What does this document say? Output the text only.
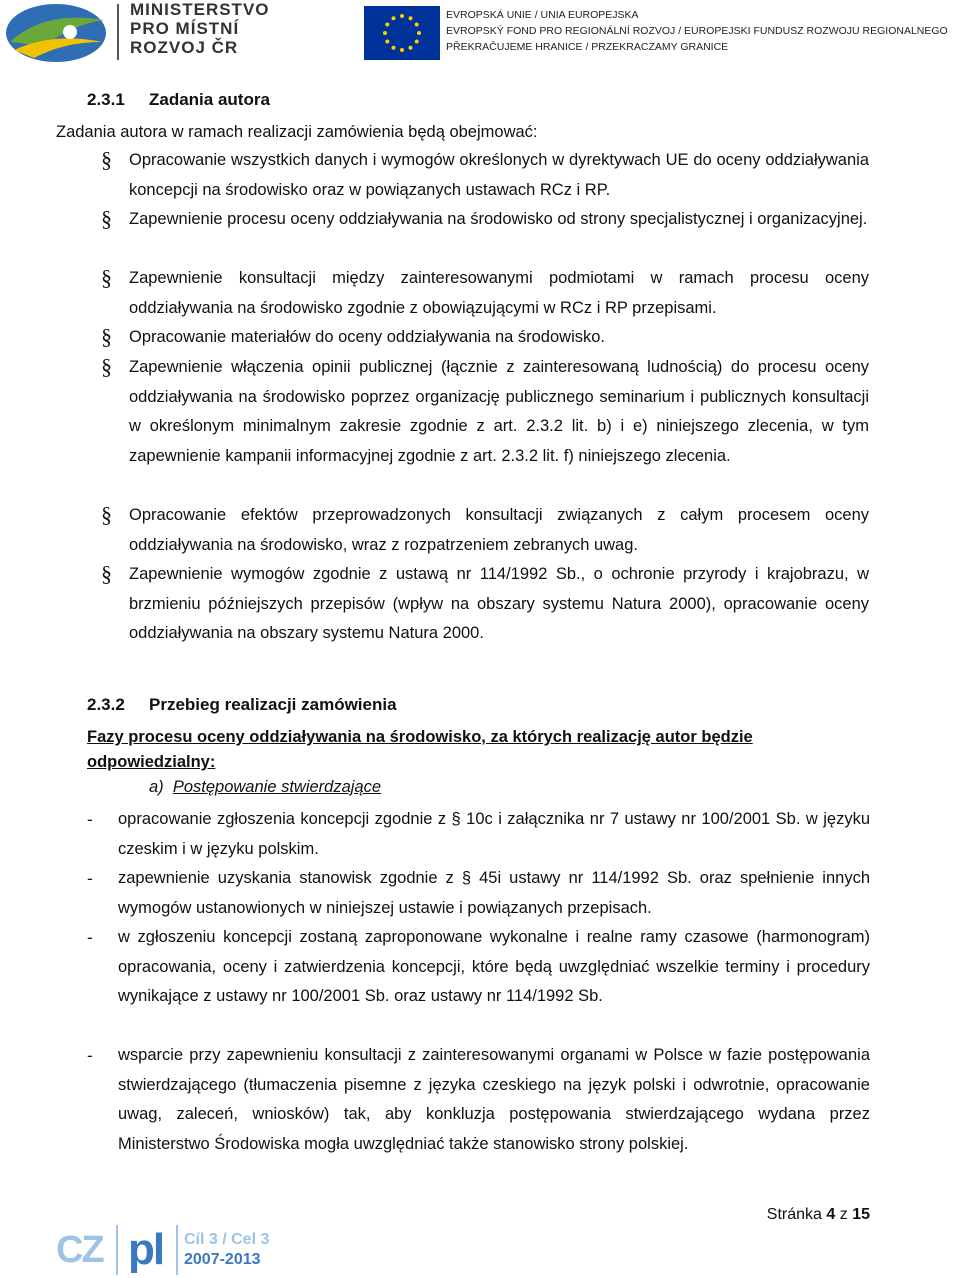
MINISTERSTVO
PRO MÍSTNÍ
ROZVOJ ČR
EVROPSKÁ UNIE / UNIA EUROPEJSKA
EVROPSKÝ FOND PRO REGIONÁLNÍ ROZVOJ / EUROPEJSKI FUNDUSZ ROZWOJU REGIONALNEGO
PŘEKRAČUJEME HRANICE / PRZEKRACZAMY GRANICE
2.3.1 Zadania autora
Zadania autora w ramach realizacji zamówienia będą obejmować:
§ Opracowanie wszystkich danych i wymogów określonych w dyrektywach UE do oceny oddziaływania koncepcji na środowisko oraz w powiązanych ustawach RCz i RP.
§ Zapewnienie procesu oceny oddziaływania na środowisko od strony specjalistycznej i organizacyjnej.
§ Zapewnienie konsultacji między zainteresowanymi podmiotami w ramach procesu oceny oddziaływania na środowisko zgodnie z obowiązującymi w RCz i RP przepisami.
§ Opracowanie materiałów do oceny oddziaływania na środowisko.
§ Zapewnienie włączenia opinii publicznej (łącznie z zainteresowaną ludnością) do procesu oceny oddziaływania na środowisko poprzez organizację publicznego seminarium i publicznych konsultacji w określonym minimalnym zakresie zgodnie z art. 2.3.2 lit. b) i e) niniejszego zlecenia, w tym zapewnienie kampanii informacyjnej zgodnie z art. 2.3.2 lit. f) niniejszego zlecenia.
§ Opracowanie efektów przeprowadzonych konsultacji związanych z całym procesem oceny oddziaływania na środowisko, wraz z rozpatrzeniem zebranych uwag.
§ Zapewnienie wymogów zgodnie z ustawą nr 114/1992 Sb., o ochronie przyrody i krajobrazu, w brzmieniu późniejszych przepisów (wpływ na obszary systemu Natura 2000), opracowanie oceny oddziaływania na obszary systemu Natura 2000.
2.3.2 Przebieg realizacji zamówienia
Fazy procesu oceny oddziaływania na środowisko, za których realizację autor będzie odpowiedzialny:
a) Postępowanie stwierdzające
- opracowanie zgłoszenia koncepcji zgodnie z § 10c i załącznika nr 7 ustawy nr 100/2001 Sb. w języku czeskim i w języku polskim.
- zapewnienie uzyskania stanowisk zgodnie z § 45i ustawy nr 114/1992 Sb. oraz spełnienie innych wymogów ustanowionych w niniejszej ustawie i powiązanych przepisach.
- w zgłoszeniu koncepcji zostaną zaproponowane wykonalne i realne ramy czasowe (harmonogram) opracowania, oceny i zatwierdzenia koncepcji, które będą uwzględniać wszelkie terminy i procedury wynikające z ustawy nr 100/2001 Sb. oraz ustawy nr 114/1992 Sb.
- wsparcie przy zapewnieniu konsultacji z zainteresowanymi organami w Polsce w fazie postępowania stwierdzającego (tłumaczenia pisemne z języka czeskiego na język polski i odwrotnie, opracowanie uwag, zaleceń, wniosków) tak, aby konkluzja postępowania stwierdzającego wydana przez Ministerstwo Środowiska mogła uwzględniać także stanowisko strony polskiej.
Stránka 4 z 15
CZ pl Cíl 3 / Cel 3
2007-2013
